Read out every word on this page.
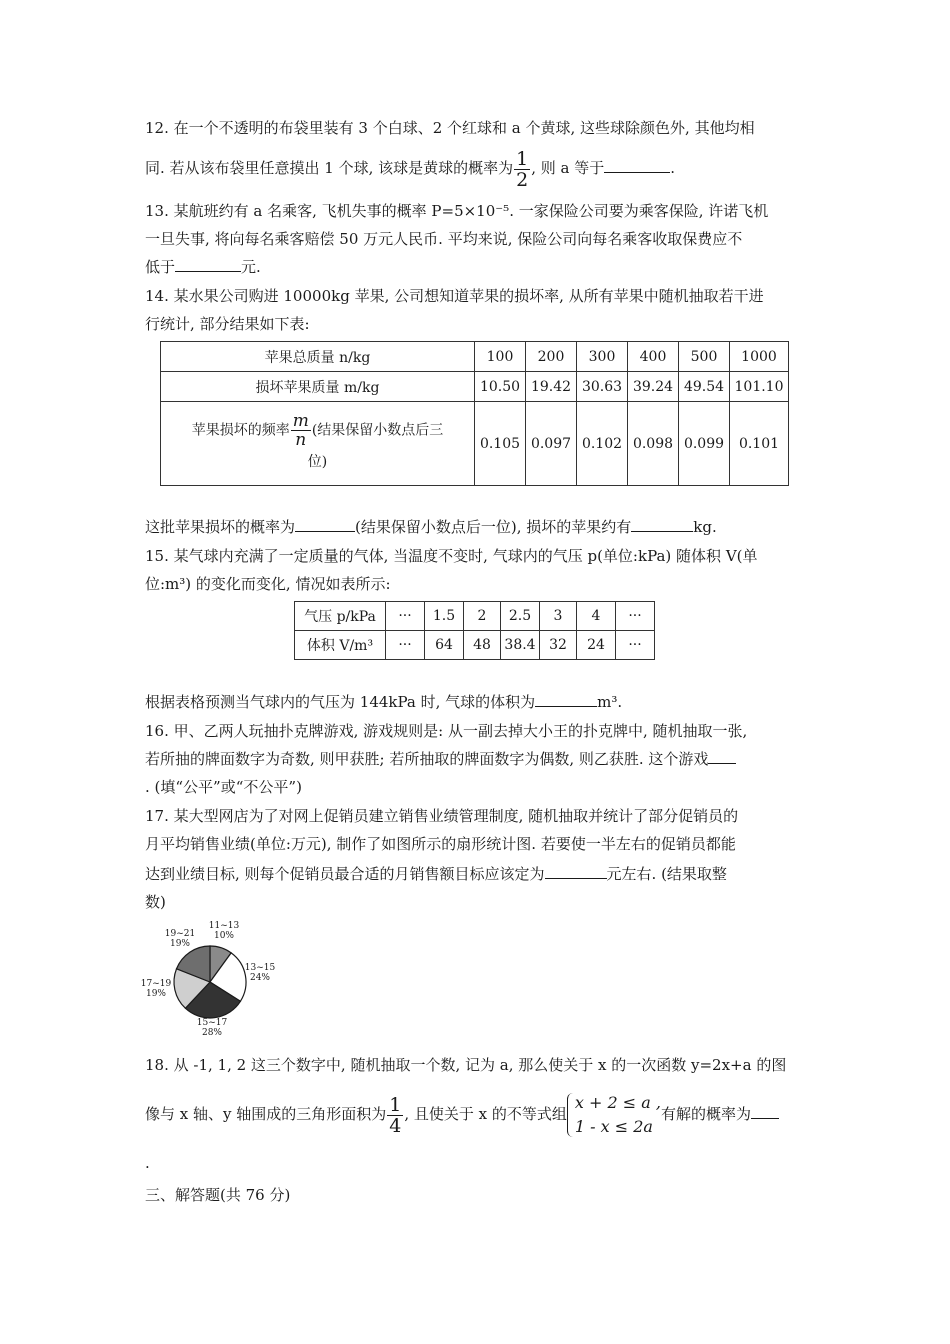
12. 在一个不透明的布袋里装有 3 个白球、2 个红球和 a 个黄球, 这些球除颜色外, 其他均相
同. 若从该布袋里任意摸出 1 个球, 该球是黄球的概率为 $\frac{1}{2}$ , 则 a 等于	.
13. 某航班约有 a 名乘客, 飞机失事的概率 P=5×10⁻⁵. 一家保险公司要为乘客保险, 许诺飞机
一旦失事, 将向每名乘客赔偿 50 万元人民币. 平均来说, 保险公司向每名乘客收取保费应不
低于	元.
14. 某水果公司购进 10000kg 苹果, 公司想知道苹果的损坏率, 从所有苹果中随机抽取若干进
行统计, 部分结果如下表:
苹果总质量 n/kg	100	200	300	400	500	1000
损坏苹果质量 m/kg	10.50	19.42	30.63	39.24	49.54	101.10
苹果损坏的频率 $\frac{m}{n}$ (结果保留小数点后三
位)	0.105	0.097	0.102	0.098	0.099	0.101
这批苹果损坏的概率为	(结果保留小数点后一位), 损坏的苹果约有	kg.
15. 某气球内充满了一定质量的气体, 当温度不变时, 气球内的气压 p(单位:kPa) 随体积 V(单
位:m³) 的变化而变化, 情况如表所示:
气压 p/kPa	···	1.5	2	2.5	3	4	···
体积 V/m³	···	64	48	38.4	32	24	···
根据表格预测当气球内的气压为 144kPa 时, 气球的体积为	m³.
16. 甲、乙两人玩抽扑克牌游戏, 游戏规则是: 从一副去掉大小王的扑克牌中, 随机抽取一张,
若所抽的牌面数字为奇数, 则甲获胜; 若所抽取的牌面数字为偶数, 则乙获胜. 这个游戏
. (填“公平”或“不公平”)
17. 某大型网店为了对网上促销员建立销售业绩管理制度, 随机抽取并统计了部分促销员的
月平均销售业绩(单位:万元), 制作了如图所示的扇形统计图. 若要使一半左右的促销员都能
达到业绩目标, 则每个促销员最合适的月销售额目标应该定为	元左右. (结果取整
数)
11~13
10%
13~15
24%
15~17
28%
17~19
19%
19~21
19%
18. 从 -1, 1, 2 这三个数字中, 随机抽取一个数, 记为 a, 那么使关于 x 的一次函数 y=2x+a 的图
像与 x 轴、y 轴围成的三角形面积为 $\frac{1}{4}$ , 且使关于 x 的不等式组
x + 2 ≤ a ,
1 - x ≤ 2a
有解的概率为
.
三、解答题(共 76 分)
